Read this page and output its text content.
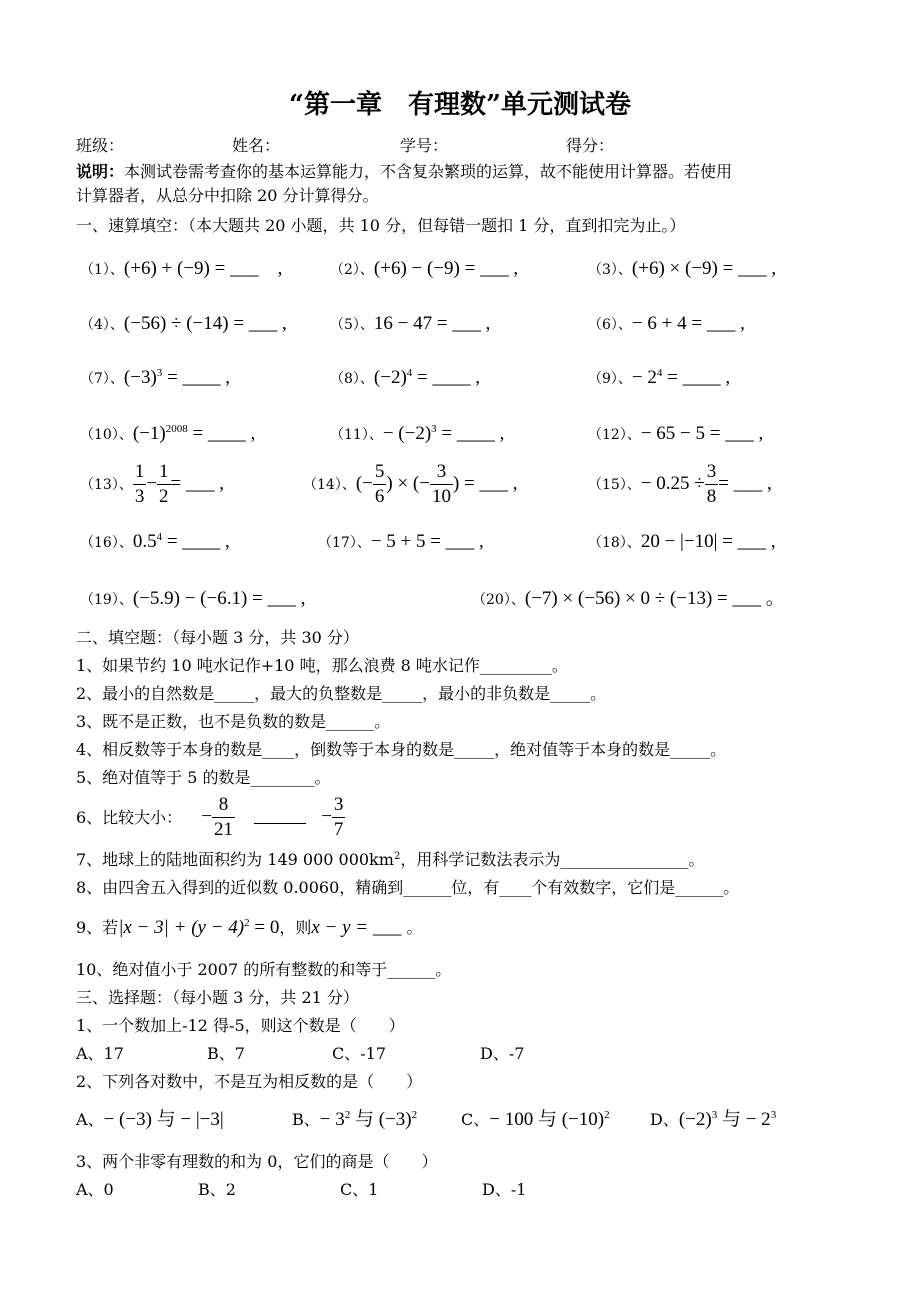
“第一章　有理数”单元测试卷
班级：	姓名：	学号：	得分：
说明：本测试卷需考查你的基本运算能力，不含复杂繁琐的运算，故不能使用计算器。若使用
计算器者，从总分中扣除 20 分计算得分。
一、速算填空：（本大题共 20 小题，共 10 分，但每错一题扣 1 分，直到扣完为止。）
（1）、(+6) + (−9) = ___　,	（2）、(+6) − (−9) = ___ ,	（3）、(+6) × (−9) = ___ ,
（4）、(−56) ÷ (−14) = ___ ,	（5）、16 − 47 = ___ ,	（6）、− 6 + 4 = ___ ,
（7）、$(-3)^3$ = ____ ,	（8）、$(-2)^4$ = ____ ,	（9）、− $2^4$ = ____ ,
（10）、$(-1)^{2008}$ = ____ ,	（11）、− $(-2)^3$ = ____ ,	（12）、− 65 − 5 = ___ ,
（13）、 $\frac{1}{3} - \frac{1}{2}$ = ___ ,	（14）、(− $\frac{5}{6}$ ) × (− $\frac{3}{10}$ ) = ___ ,	（15）、− $0.25 \div \frac{3}{8}$ = ___ ,
（16）、$0.5^4$ = ____ ,	（17）、− 5 + 5 = ___ ,	（18）、20 − |−10| = ___ ,
（19）、(−5.9) − (−6.1) = ___ ,	（20）、(−7) × (−56) × 0 ÷ (−13) = ___ 。
二、填空题：（每小题 3 分，共 30 分）
1、如果节约 10 吨水记作+10 吨，那么浪费 8 吨水记作_________。
2、最小的自然数是_____，最大的负整数是_____，最小的非负数是_____。
3、既不是正数，也不是负数的数是______。
4、相反数等于本身的数是____，倒数等于本身的数是_____，绝对值等于本身的数是_____。
5、绝对值等于 5 的数是________。
6、比较大小： − $\frac{8}{21}$	− $\frac{3}{7}$
7、地球上的陆地面积约为 149 000 $000km^2$，用科学记数法表示为________________。
8、由四舍五入得到的近似数 0.0060，精确到______位，有____个有效数字，它们是______。
9、若$|x - 3| + (y - 4)^2 = 0$，则x − y = ___ 。
10、绝对值小于 2007 的所有整数的和等于______。
三、选择题：（每小题 3 分，共 21 分）
1、一个数加上-12 得-5，则这个数是（　　）
A、17	B、7	C、-17	D、-7
2、下列各对数中，不是互为相反数的是（　　）
A、− (−3) 与 − |−3|	B、− $3^2$ 与 $(-3)^2$	C、− 100 与 $(-10)^2$	D、$(-2)^3$ 与 − $2^3$
3、两个非零有理数的和为 0，它们的商是（　　）
A、0	B、2	C、1	D、-1
